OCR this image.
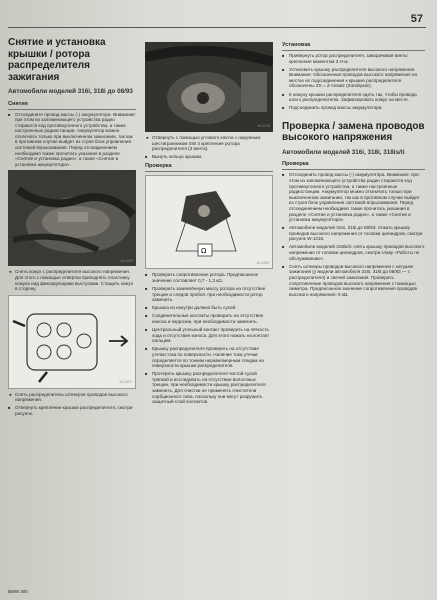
57
Снятие и установка крышки / ротора распределителя зажигания
Автомобили моделей 316i, 318i до 08/93
Снятие
■ Отсоедините провод массы (-) аккумулятора. Внимание: при этом из запоминающего устройства радио стираются код противоугонного устройства, а также настроенные радиостанции. Аккумулятор можно отключать только при выключенном зажигании, так как в противном случае выйдет из строя блок управления системой впрыскивания. Перед отсоединением необходимо также прочитать указания в разделе «Снятие и установка радио», а также «Снятие и установка аккумулятора».
W-1229
◄ Снять кожух с распределителя высокого напряжения. Для этого с помощью отвёртки приподнять пластинку кожуха над фиксирующими выступами. Стащить кожух в сторону.
W-1217
◄ Снять распределитель штекеров проводов высокого напряжения.
■ Отвернуть крепление крышки распределителя, смотри рисунок.
W-1218
◄ Отвернуть с помощью углового ключа с наружным шестигранником SW 3 крепление ротора распределителя (3 винта).
■ Вынуть кольцо крышки.
Проверка
Ω
W-1494
■ Проверить сопротивление ротора. Предписанное значение составляет 0,7 - 1,3 кΩ.
■ Проверить заземлённую массу ротора на отсутствие трещин и следов пробоя, при необходимости ротор заменить.
■ Крышка из изнутри должна быть сухой.
■ Соединительные контакты проверить на отсутствие износа и коррозии, при необходимости заменить.
■ Центральный угольный контакт проверить на лёгкость хода и отсутствие износа. Для этого нажать на контакт пальцем.
■ Крышку распределителя проверить на отсутствие утечки тока по поверхности. Наличие тока утечки определяется по тонким неравномерным следам на поверхности крышки распределителя.
■ Протереть крышку распределителя чистой сухой тряпкой и исследовать на отсутствие волосяных трещин, при необходимости крышку распределителя заменить. Для очистки не применять очистители сорбционного типа, поскольку они могут разрушить защитный слой контактов.
Установка
■ Привернуть ротор распределителя, заворачивая винты крепления моментом 3 Н·м.
■ Установить крышку распределителя высокого напряжения. Внимание: Обозначения проводов высокого напряжения на местах их подсоединения к крышке распределителя обозначены ZS = Z Ansatz (Zündspule).
■ К кожуху крышки распределителя одеть так, чтобы провода шли к распределителю. Зафиксировать кожух на месте.
■ Подсоединить провод массы аккумулятора.
Проверка / замена проводов высокого напряжения
Автомобили моделей 316i, 318i, 318is/ti
Проверка
■ Отсоединить провод массы (-) аккумулятора. Внимание: при этом из запоминающего устройства радио стираются код противоугонного устройства, а также настроенные радиостанции. Аккумулятор можно отключать только при выключенном зажигании, так как в противном случае выйдет из строя блок управления системой впрыскивания. Перед отсоединением необходимо также прочитать указания в разделе «Снятие и установка радио», а также «Снятие и установка аккумулятора».
■ Автомобили моделей 316i, 318i до 08/93: отжать крышку проводов высокого напряжения от головки цилиндров, смотри рисунок W-1218.
■ Автомобили моделей 318is/ti: снять крышку проводов высокого напряжения от головки цилиндров, смотри главу «Работы по обслуживанию».
■ Снять штекеры проводов высокого напряжения с катушек зажигания (у модели автомобиля 316i, 318i до 08/93 — с распределителя) и свечей зажигания. Проверить сопротивление проводов высокого напряжения с помощью омметра. Предписанное значение сопротивления проводов высокого напряжения: 6 кΩ.
BMW 300
